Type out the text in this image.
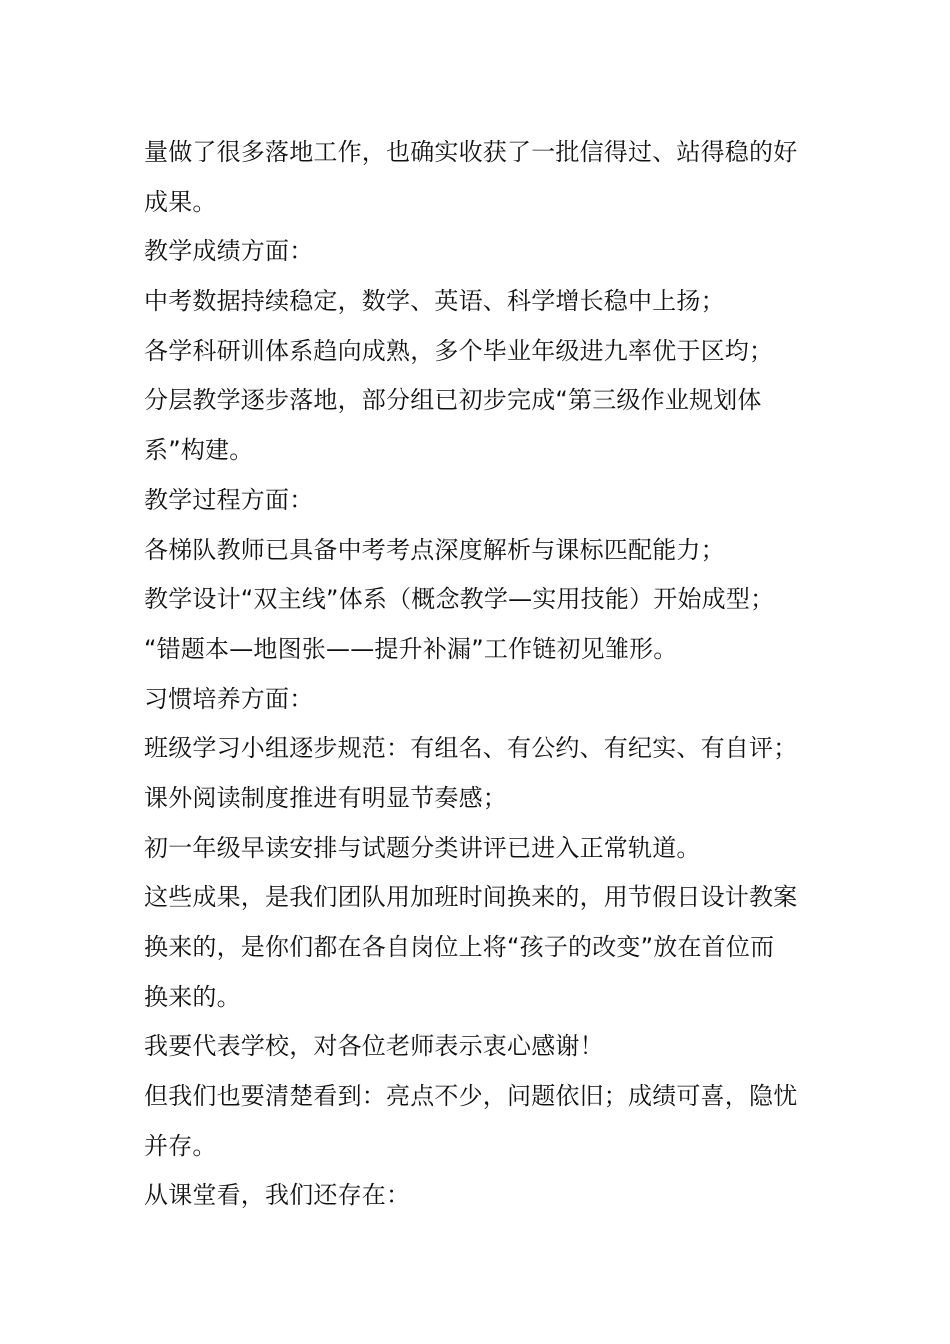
量做了很多落地工作，也确实收获了一批信得过、站得稳的好
成果。
教学成绩方面：
中考数据持续稳定，数学、英语、科学增长稳中上扬；
各学科研训体系趋向成熟，多个毕业年级进九率优于区均；
分层教学逐步落地，部分组已初步完成“第三级作业规划体
系”构建。
教学过程方面：
各梯队教师已具备中考考点深度解析与课标匹配能力；
教学设计“双主线”体系（概念教学—实用技能）开始成型；
“错题本—地图张——提升补漏”工作链初见雏形。
习惯培养方面：
班级学习小组逐步规范：有组名、有公约、有纪实、有自评；
课外阅读制度推进有明显节奏感；
初一年级早读安排与试题分类讲评已进入正常轨道。
这些成果，是我们团队用加班时间换来的，用节假日设计教案
换来的，是你们都在各自岗位上将“孩子的改变”放在首位而
换来的。
我要代表学校，对各位老师表示衷心感谢！
但我们也要清楚看到：亮点不少，问题依旧；成绩可喜，隐忧
并存。
从课堂看，我们还存在：
